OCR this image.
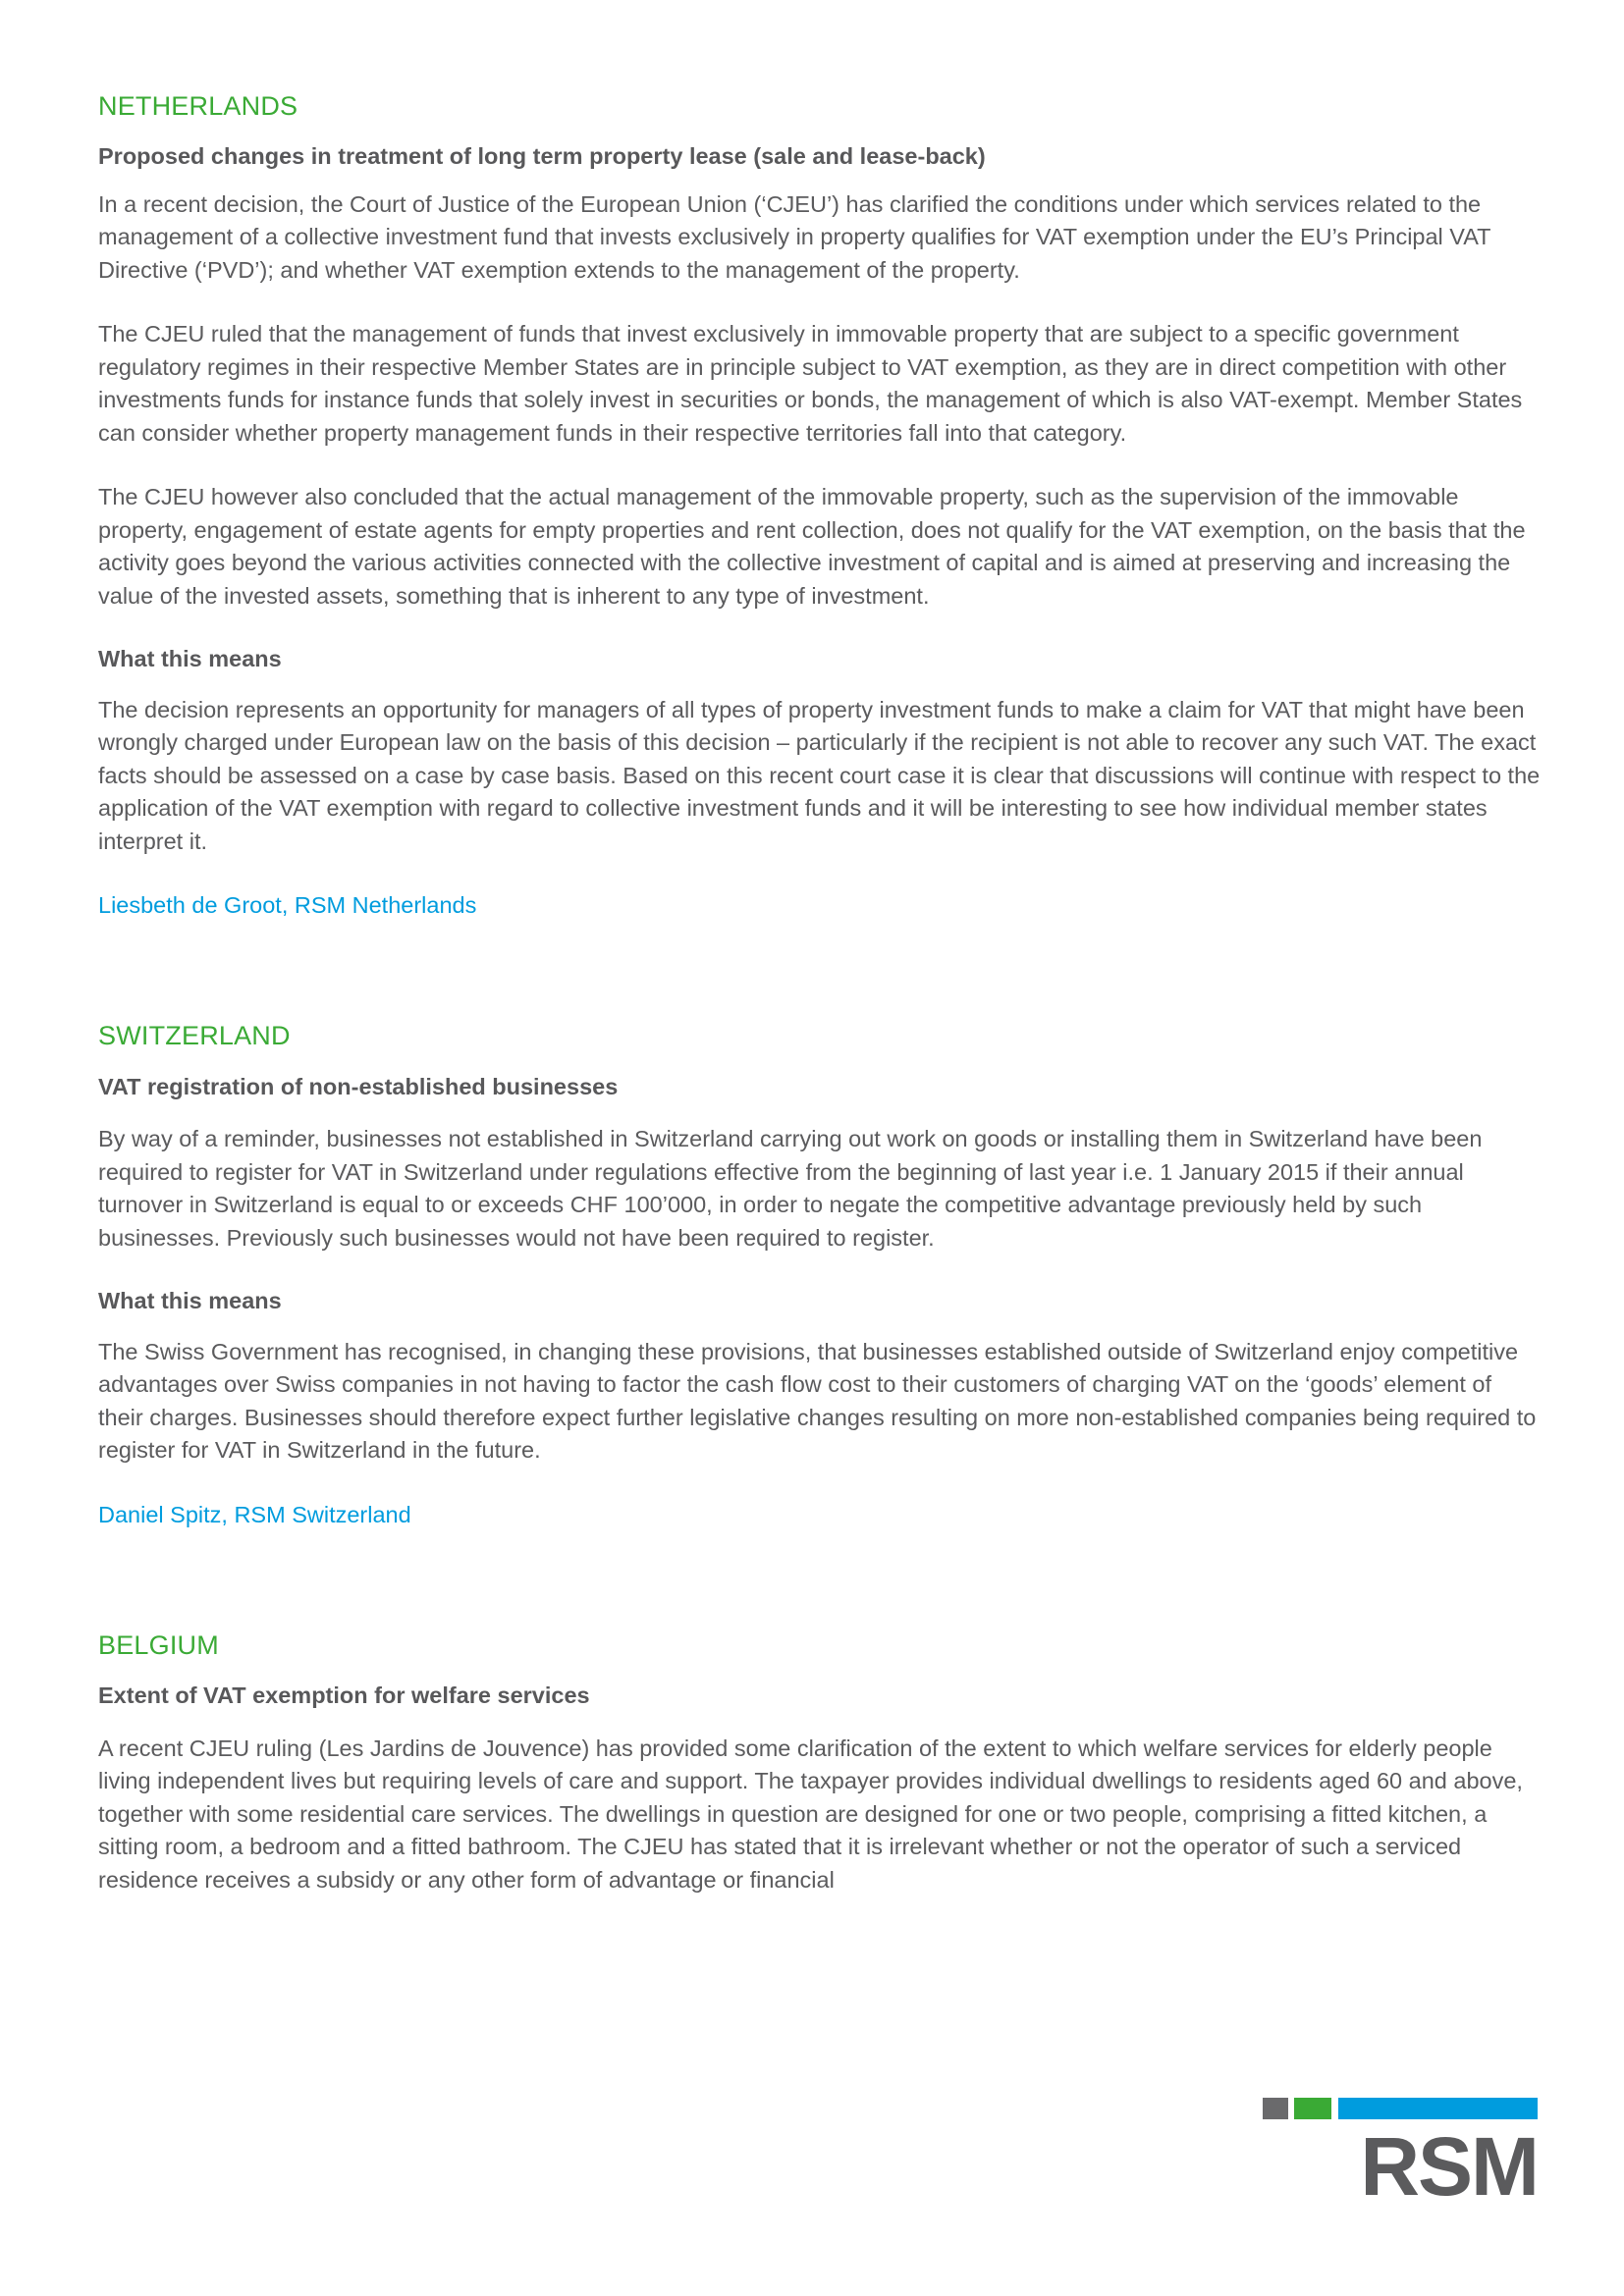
NETHERLANDS
Proposed changes in treatment of long term property lease (sale and lease-back)

In a recent decision, the Court of Justice of the European Union (‘CJEU’) has clarified the conditions under which services related to the management of a collective investment fund that invests exclusively in property qualifies for VAT exemption under the EU’s Principal VAT Directive (‘PVD’); and whether VAT exemption extends to the management of the property.

The CJEU ruled that the management of funds that invest exclusively in immovable property that are subject to a specific government regulatory regimes in their respective Member States are in principle subject to VAT exemption, as they are in direct competition with other investments funds for instance funds that solely invest in securities or bonds, the management of which is also VAT-exempt. Member States can consider whether property management funds in their respective territories fall into that category.

The CJEU however also concluded that the actual management of the immovable property, such as the supervision of the immovable property, engagement of estate agents for empty properties and rent collection, does not qualify for the VAT exemption, on the basis that the activity goes beyond the various activities connected with the collective investment of capital and is aimed at preserving and increasing the value of the invested assets, something that is inherent to any type of investment.

What this means

The decision represents an opportunity for managers of all types of property investment funds to make a claim for VAT that might have been wrongly charged under European law on the basis of this decision – particularly if the recipient is not able to recover any such VAT. The exact facts should be assessed on a case by case basis. Based on this recent court case it is clear that discussions will continue with respect to the application of the VAT exemption with regard to collective investment funds and it will be interesting to see how individual member states interpret it.

Liesbeth de Groot, RSM Netherlands

SWITZERLAND
VAT registration of non-established businesses

By way of a reminder, businesses not established in Switzerland carrying out work on goods or installing them in Switzerland have been required to register for VAT in Switzerland under regulations effective from the beginning of last year i.e. 1 January 2015 if their annual turnover in Switzerland is equal to or exceeds CHF 100’000, in order to negate the competitive advantage previously held by such businesses. Previously such businesses would not have been required to register.

What this means

The Swiss Government has recognised, in changing these provisions, that businesses established outside of Switzerland enjoy competitive advantages over Swiss companies in not having to factor the cash flow cost to their customers of charging VAT on the ‘goods’ element of their charges. Businesses should therefore expect further legislative changes resulting on more non-established companies being required to register for VAT in Switzerland in the future.

Daniel Spitz, RSM Switzerland

BELGIUM
Extent of VAT exemption for welfare services

A recent CJEU ruling (Les Jardins de Jouvence) has provided some clarification of the extent to which welfare services for elderly people living independent lives but requiring levels of care and support. The taxpayer provides individual dwellings to residents aged 60 and above, together with some residential care services. The dwellings in question are designed for one or two people, comprising a fitted kitchen, a sitting room, a bedroom and a fitted bathroom. The CJEU has stated that it is irrelevant whether or not the operator of such a serviced residence receives a subsidy or any other form of advantage or financial

RSM
